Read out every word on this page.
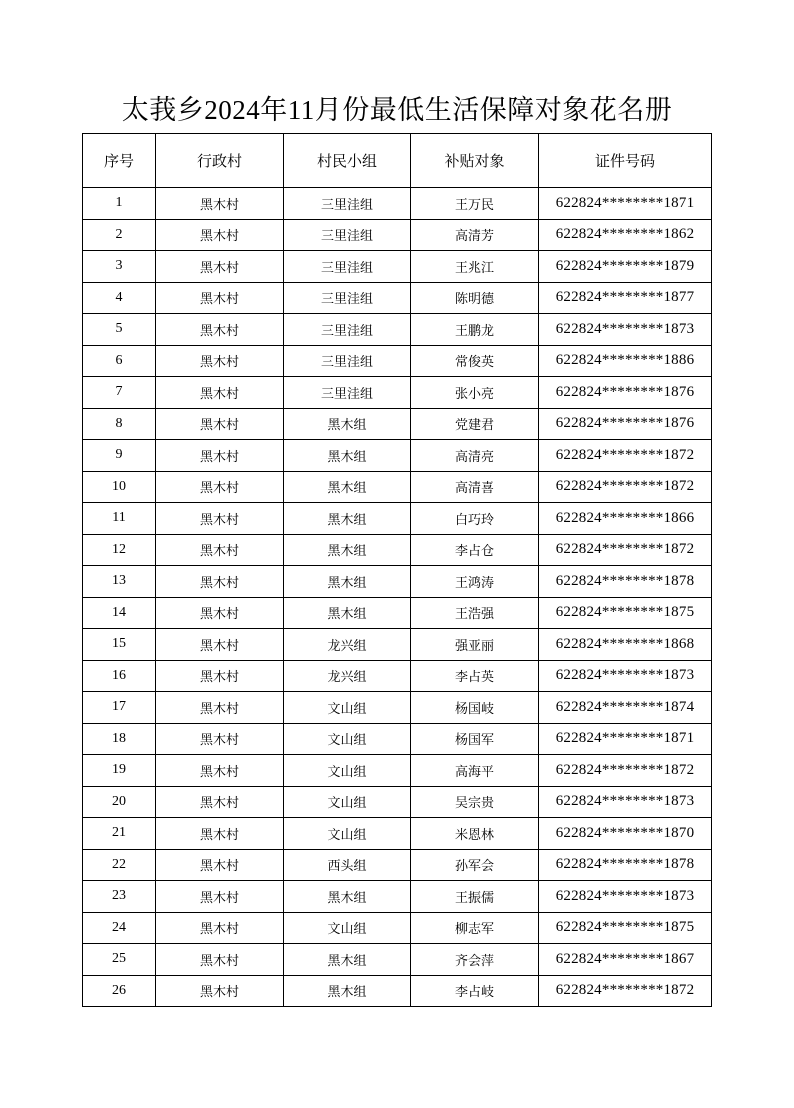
太莪乡2024年11月份最低生活保障对象花名册
序号	行政村	村民小组	补贴对象	证件号码
1	黑木村	三里洼组	王万民	622824********1871
2	黑木村	三里洼组	高清芳	622824********1862
3	黑木村	三里洼组	王兆江	622824********1879
4	黑木村	三里洼组	陈明德	622824********1877
5	黑木村	三里洼组	王鹏龙	622824********1873
6	黑木村	三里洼组	常俊英	622824********1886
7	黑木村	三里洼组	张小亮	622824********1876
8	黑木村	黑木组	党建君	622824********1876
9	黑木村	黑木组	高清亮	622824********1872
10	黑木村	黑木组	高清喜	622824********1872
11	黑木村	黑木组	白巧玲	622824********1866
12	黑木村	黑木组	李占仓	622824********1872
13	黑木村	黑木组	王鸿涛	622824********1878
14	黑木村	黑木组	王浩强	622824********1875
15	黑木村	龙兴组	强亚丽	622824********1868
16	黑木村	龙兴组	李占英	622824********1873
17	黑木村	文山组	杨国岐	622824********1874
18	黑木村	文山组	杨国军	622824********1871
19	黑木村	文山组	高海平	622824********1872
20	黑木村	文山组	吴宗贵	622824********1873
21	黑木村	文山组	米恩林	622824********1870
22	黑木村	西头组	孙军会	622824********1878
23	黑木村	黑木组	王振儒	622824********1873
24	黑木村	文山组	柳志军	622824********1875
25	黑木村	黑木组	齐会萍	622824********1867
26	黑木村	黑木组	李占岐	622824********1872
